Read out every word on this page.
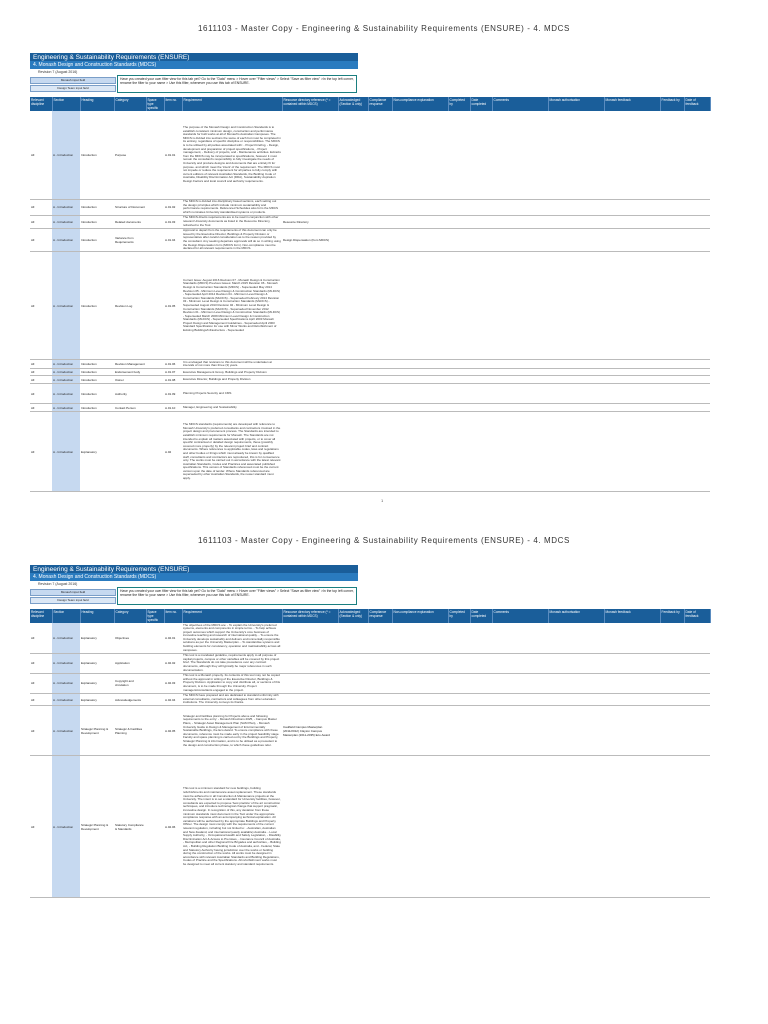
1611103 - Master Copy - Engineering & Sustainability Requirements (ENSURE) - 4. MDCS
Engineering & Sustainability Requirements (ENSURE)
4. Monash Design and Construction Standards (MDCS)
Revision 7 (August 2016)
Monash input field
Design Team input field
Have you created your own filter view for this tab yet? Go to the "Data" menu > Hover over "Filter views" > Select "Save as filter view" >In the top left corner, rename the filter to your name > Use this filter, whenever you use this tab of ENSURE.
Relevant discipline	Section	Heading	Category	Space type specific	Item no.	Requirement	Resource directory reference (* = contained within MDCS)	Acknowledged (Section & only)	Compliance response	Non-compliance explanation	Completed by	Date completed	Comments	Monash authorisation	Monash feedback	Feedback by	Date of feedback
All	A - Introduction	Introduction	Purpose		A.01.01	The purpose of the Monash Design and Construction Standards is to establish consistent minimum design, construction and performance standards for built works at all of Monash's Australian Campuses. The MDCS is divided into sections the same of each but must be completed in its entirety, regardless of specific discipline or responsibilities. The MDCS is to be utilised by all parties associated with: - Project briefing, - Design, development and preparation of project specifications, - Project management, - Delivery of projects, and - Maintenance activities. Extracts from the MDCS may be incorporated to specifications, however it must remain the consultant's responsibility to fully investigate the needs of University and produce designs and documents that are entirely fit for purpose. and which meet the 'intent' of the requirement. The MDCS must not impede or reduce the requirement for all parties to fully comply with current editions of relevant Australian Standards, the Building Code of Australia, Disability Discrimination Act (DDA), Sustainability Aspiration Design Factors and local council and authority requirements.											
All	A - Introduction	Introduction	Structure of Document		A.01.02	The MDCS is divided into disciplinary based sections, each setting out the design principles which include minimum sustainability and performance requirements. Referenced Schedules also form the MDCS which nominates University standardised systems or products.											
All	A - Introduction	Introduction	Related documents		A.01.03	The MDCS directs requirements are to be read in conjunction with other relevant University documents as listed in the Resource Directory, refreshed to the Tool.	Resource Directory										
All	A - Introduction	Introduction	Variance from Requirements		A.01.04	Approval to depart from the requirements of this document can only be issued by the Executive Director, Buildings & Property Division or representative after careful consideration as to the reason provided by the consultant. Any seeking departure approvals will do so in writing using the Design Dispensation form (MDCS form). Non-compliance must be declared for all relevant requirements in the MDCS.	Design Dispensation (from MDCS)										
All	A - Introduction	Introduction	Revision Log		A.01.05	Current Issue: August 2016 Revision 07 - Monash Design & Construction Standards (MDCS) Previous Issues: March 2015 Revision 06 - Monash Design & Construction Standards (MDCS) - Superseded May 2014 Revision 05 - Minimum Level Design & Construction Standards (MLDCS) - Superseded April 2014 Revision 04 - Minimum Level Design & Construction Standards (MLDCS) - Superseded February 2014 Revision 03 - Minimum Level Design & Construction Standards (MLDCS) - Superseded August 2013 Revision 02 - Minimum Level Design & Construction Standards (MLDCS) - Superseded November 2012 Revision 01 - Minimum Level Design & Construction Standards (MLDCS) - Superseded March 2009 Minimum Level Design & Construction Standards (MLDCS) - Superseded Specifications April 2003 Monash Project Design and Management Guidelines - Superseded April 2003 Standard Specification for use with Minor Works and Refurbishment of Existing Buildings/Infrastructure - Superseded											
All	A - Introduction	Introduction	Revision Management		A.01.06	It is envisaged that revisions to this document will be undertaken at intervals of not more than three (3) years.											
All	A - Introduction	Introduction	Endorsement body		A.01.07	Executive Management Group, Buildings and Property Division											
All	A - Introduction	Introduction	Owner		A.01.08	Executive Director, Buildings and Property Division											
All	A - Introduction	Introduction	Authority		A.01.09	Planning Projects Security and CMS											
All	A - Introduction	Introduction	Contact Person		A.01.10	Manager, Engineering and Sustainability											
All	A - Introduction	Explanatory			A.02	The MDCS standards (requirements) are developed with reference to Monash University's preferred consultants and contractors involved in the project design and procurement process. The Standards are intended to establish minimum requirements for Monash. The Standards are not intended to explain all matters associated with projects, or to cover all specific contractual or detailed design requirements, these (possibly covered more properly) by the relevant project brief and contract documents. Where references to applicable codes, laws and regulations and other bodies or things which must already be known by qualified staff, consultants and contractors are reproduced, this is for convenience only. The works must be carried out in accordance with the latest relevant Australian Standards, Codes and Practices and associated published specifications. This version of Standards referenced must be the current version upon the date of tender. Where Standards referenced are superseded by other Australian Standards, the newer standard must apply.											
1
1611103 - Master Copy - Engineering & Sustainability Requirements (ENSURE) - 4. MDCS
Engineering & Sustainability Requirements (ENSURE)
4. Monash Design and Construction Standards (MDCS)
Revision 7 (August 2016)
Monash input field
Design Team input field
Have you created your own filter view for this tab yet? Go to the "Data" menu > Hover over "Filter views" > Select "Save as filter view" >In the top left corner, rename the filter to your name > Use this filter, whenever you use this tab of ENSURE.
Relevant discipline	Section	Heading	Category	Space type specific	Item no.	Requirement	Resource directory reference (* = contained within MDCS)	Acknowledged (Section & only)	Compliance response	Non-compliance explanation	Completed by	Date completed	Comments	Monash authorisation	Monash feedback	Feedback by	Date of feedback
All	A - Introduction	Explanatory	Objectives		A.02.01	The objectives of the MDCS are: - To explain the University's preferred systems, elements and components in simple terms. - To help achieve project outcomes which support the University's core business of innovative teaching and research of international quality. - To ensure the University develops sustainably and delivers environmentally responsible solutions as per the University Masterplan. - To standardise systems and building elements for consistency, operation and maintainability across all campuses.											
All	A - Introduction	Explanatory	Application		A.02.02	This tool is a mandated guideline, requirements apply to all purpose of capital projects, campus or other variables will be covered by this project brief. The Standards do not take precedence over any contract documents, although they will typically be major references in such documentation.											
All	A - Introduction	Explanatory	Copyright and circulation		A.02.03	This tool is a Monash property. Its contents of this tool may not be copied without the approval in writing of the Executive Director, Buildings & Property Division. Application to copy and distribute all, or sections of this document, is to be made through the University. Project managers/consultants engaged to the project.											
All	A - Introduction	Explanatory	Acknowledgements		A.02.04	The MDCS have prepared and are dedicated to standard uniformity with external consultants, contractors and colleagues from other education institutions. The University conveys its thanks.											
All	A - Introduction	Strategic Planning & Development	Strategic & Facilities Planning		A.02.05	Strategic and facilities planning for Projects above and following requirements to the entry: - Monash Directions 2025, - Campus Master Plans, - Strategic Asset Management Plan (SAM Plan), - Monash University Guide to Design & Management of Environmentally Sustainable Buildings, the Eco Award. To ensure compliance with these documents, reference must be made early in the project feasibility stage. Faculty and space planning is carried out by the Buildings and Property, Strategic Planning & information, and is to be utilised as a precedent to the design and construction phase, to which these guidelines refer.	Caulfield Campus Masterplan (2011/2012) Clayton Campus Masterplan (2011-2035) Eco Award										
All	A - Introduction	Strategic Planning & Development	Statutory Compliance & Standards		A.02.06	This tool is a minimum standard for new buildings, building refurbishments and maintenance asset replacement. These standards must be adhered to in all Construction & Maintenance projects at the University. The intent is to set a standard for University facilities, however, consultants are expected to propose 'best practice' of the art construction techniques, and introduce technological change that support pragmatic, innovative design. In recognition of this, any deviation from these minimum standards must document in the Tool under the appropriate compliance response with an accompanying technical explanation. All variations will be authorised by the appropriate Buildings and Property Officer. The design must comply with the requirements of the current relevant regulation, including but not limited to: - Australian, Australian and New Zealand, and international (easily available) Australia. - Local Supply Authority, - Occupational Health and Safety Legislation, - Disability Discrimination Act & Access to Premises, - Insurance Council of Australia, - Metropolitan and other Regional Fire Brigades and authorities, - Building Act, - Building Regulation Building Code of Australia, and - Federal, State and Statutory Authority having jurisdiction over the works or building during the construction of the works. All works must be designed in accordance with relevant Australian Standards and Building Regulations, Codes of Practice and the Specifications. All refurbishment works must be designed to meet all current statutory and standard requirements.											
